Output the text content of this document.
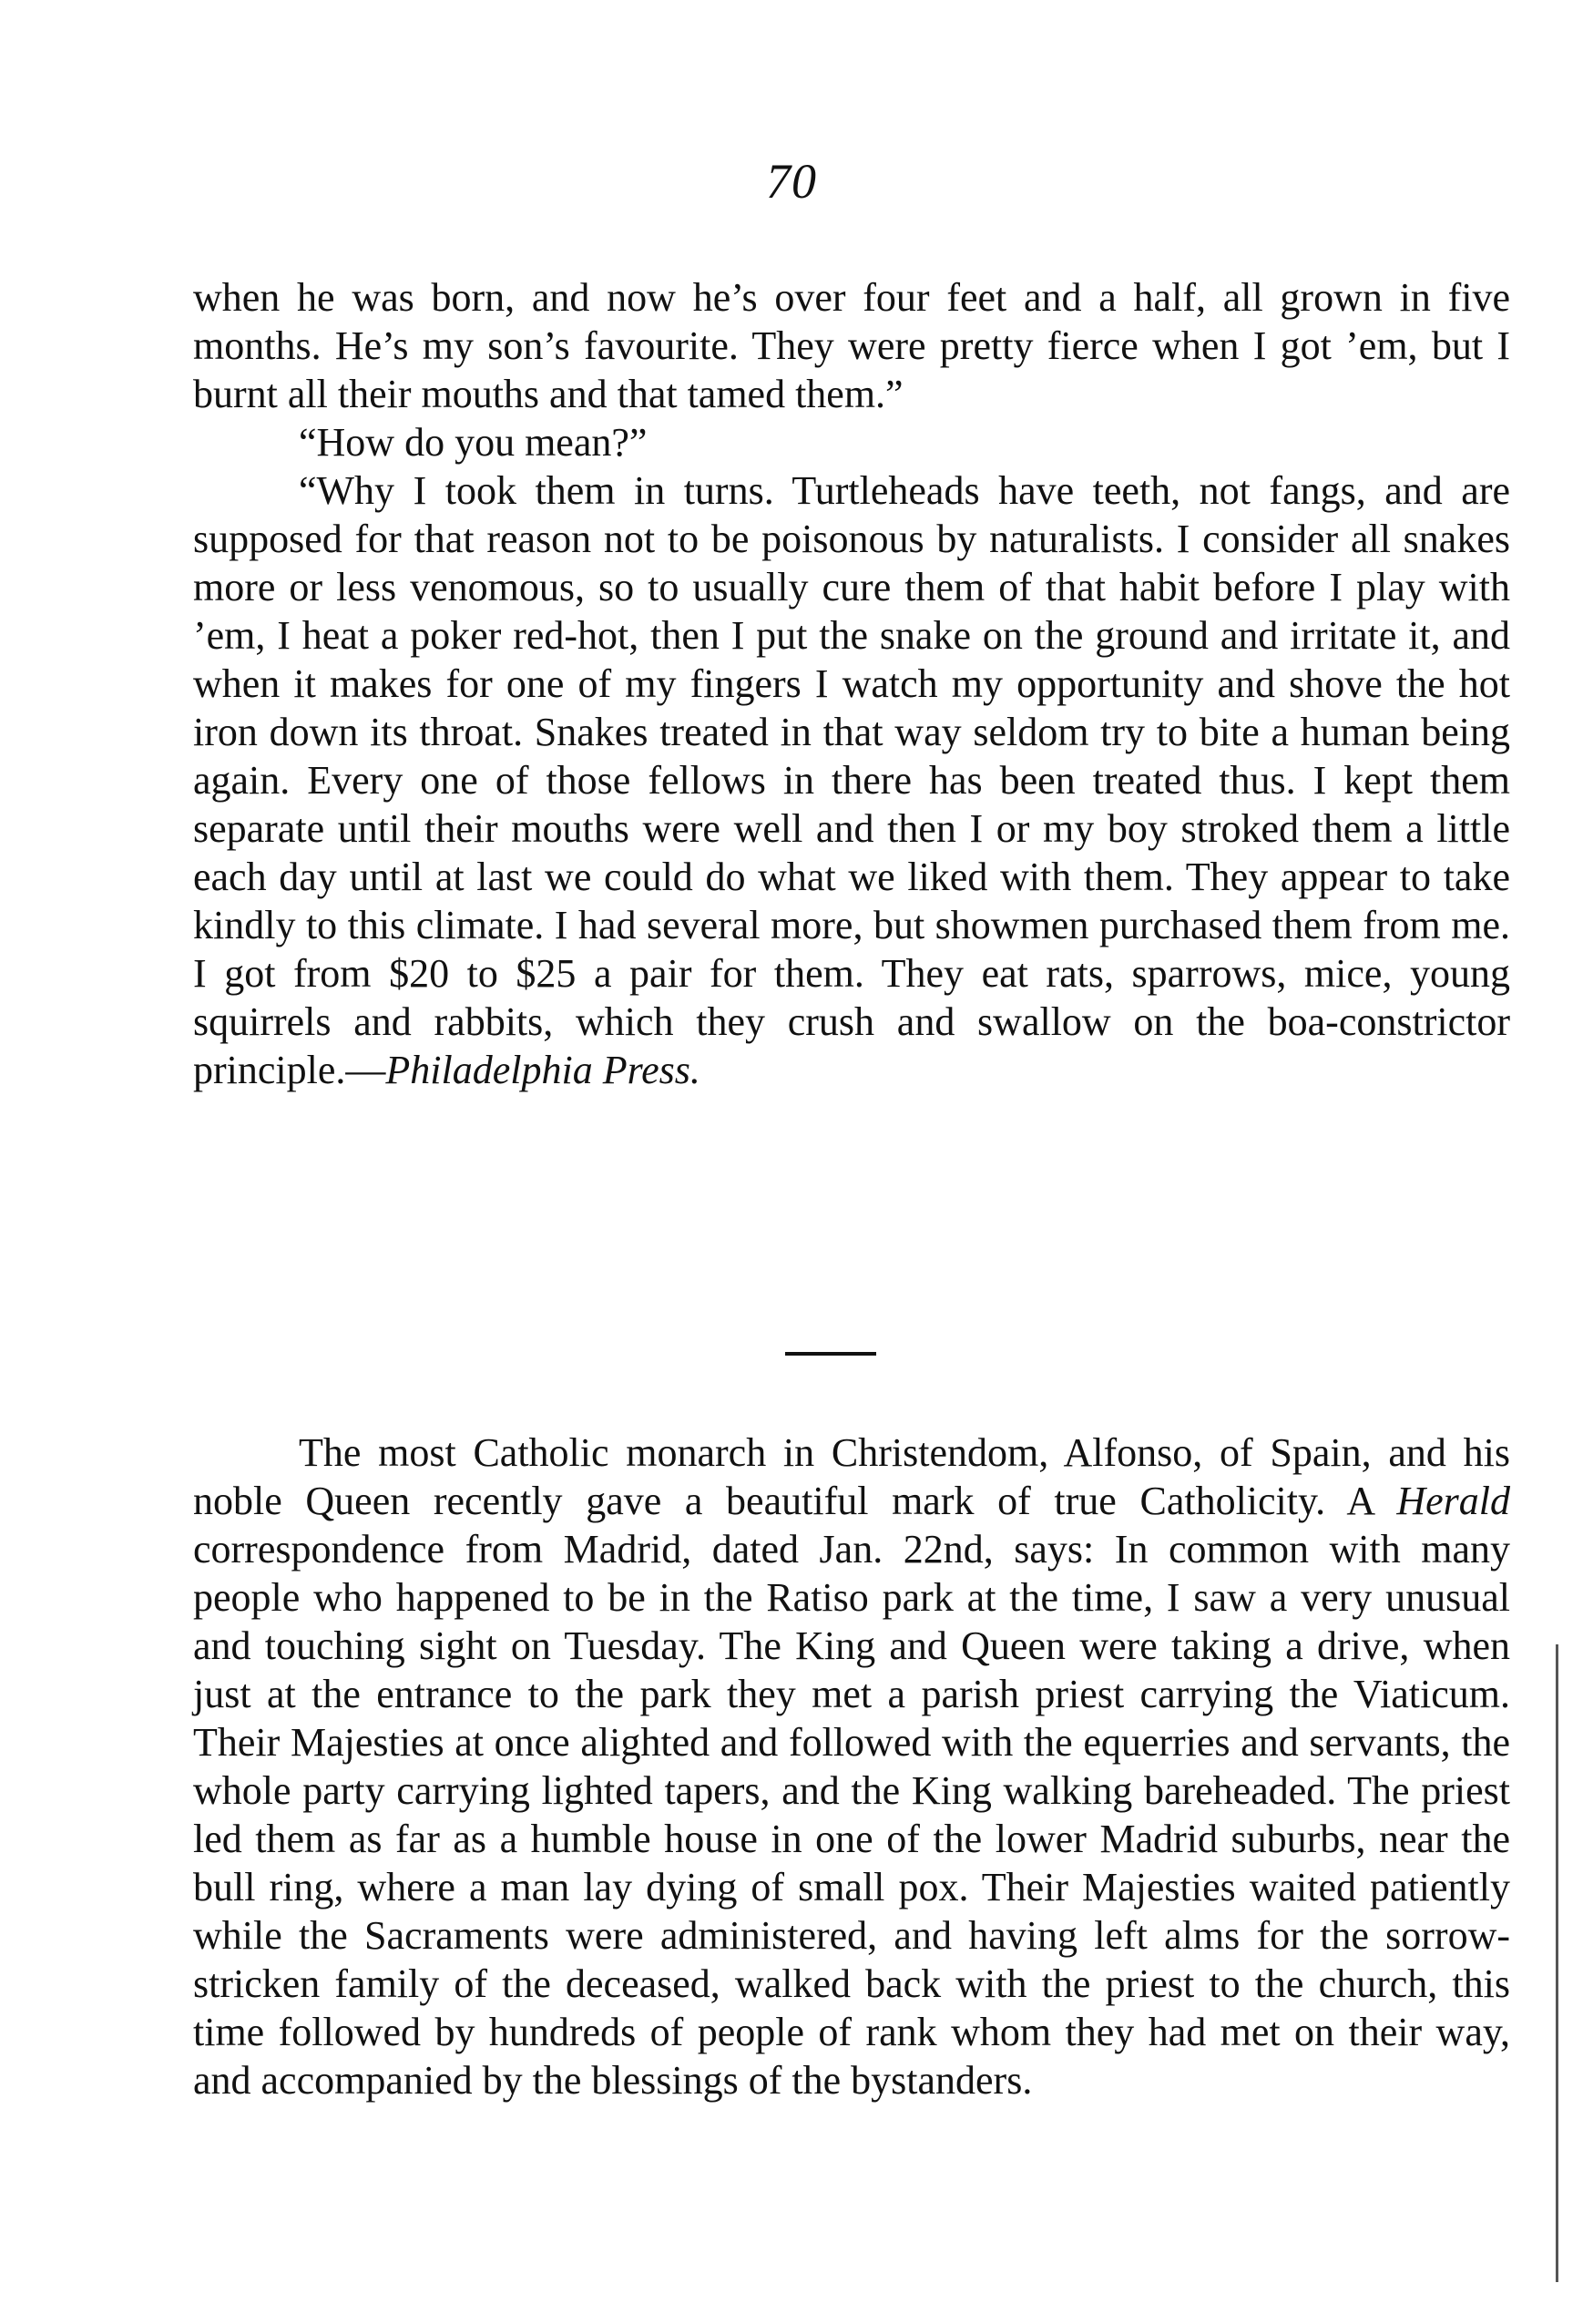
70

when he was born, and now he’s over four feet and a half, all grown in five months. He’s my son’s favourite. They were pretty fierce when I got ’em, but I burnt all their mouths and that tamed them.”

“How do you mean?”

“Why I took them in turns. Turtleheads have teeth, not fangs, and are supposed for that reason not to be poisonous by naturalists. I consider all snakes more or less venomous, so to usually cure them of that habit before I play with ’em, I heat a poker red-hot, then I put the snake on the ground and irritate it, and when it makes for one of my fingers I watch my opportunity and shove the hot iron down its throat. Snakes treated in that way seldom try to bite a human being again. Every one of those fellows in there has been treated thus. I kept them separate until their mouths were well and then I or my boy stroked them a little each day until at last we could do what we liked with them. They appear to take kindly to this climate. I had several more, but showmen purchased them from me. I got from $20 to $25 a pair for them. They eat rats, sparrows, mice, young squirrels and rabbits, which they crush and swallow on the boa-constrictor principle.—Philadelphia Press.

The most Catholic monarch in Christendom, Alfonso, of Spain, and his noble Queen recently gave a beautiful mark of true Catholicity. A Herald correspondence from Madrid, dated Jan. 22nd, says: In common with many people who happened to be in the Ratiso park at the time, I saw a very unusual and touching sight on Tuesday. The King and Queen were taking a drive, when just at the entrance to the park they met a parish priest carrying the Viaticum. Their Majesties at once alighted and followed with the equerries and servants, the whole party carrying lighted tapers, and the King walking bareheaded. The priest led them as far as a humble house in one of the lower Madrid suburbs, near the bull ring, where a man lay dying of small pox. Their Majesties waited patiently while the Sacraments were administered, and having left alms for the sorrow-stricken family of the deceased, walked back with the priest to the church, this time followed by hundreds of people of rank whom they had met on their way, and accompanied by the blessings of the bystanders.
